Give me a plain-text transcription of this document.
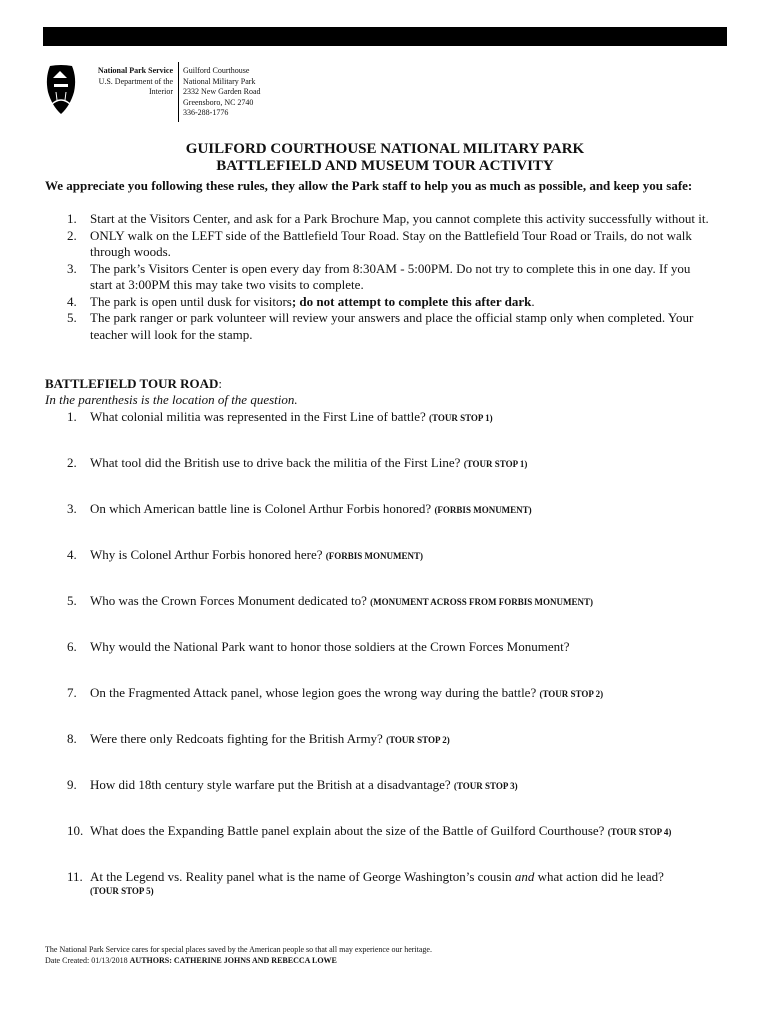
National Park Service
U.S. Department of the
Interior
Guilford Courthouse
National Military Park
2332 New Garden Road
Greensboro, NC 2740
336-288-1776
GUILFORD COURTHOUSE NATIONAL MILITARY PARK
BATTLEFIELD AND MUSEUM TOUR ACTIVITY
We appreciate you following these rules, they allow the Park staff to help you as much as possible, and keep you safe:
1. Start at the Visitors Center, and ask for a Park Brochure Map, you cannot complete this activity successfully without it.
2. ONLY walk on the LEFT side of the Battlefield Tour Road. Stay on the Battlefield Tour Road or Trails, do not walk through woods.
3. The park’s Visitors Center is open every day from 8:30AM - 5:00PM. Do not try to complete this in one day. If you start at 3:00PM this may take two visits to complete.
4. The park is open until dusk for visitors; do not attempt to complete this after dark.
5. The park ranger or park volunteer will review your answers and place the official stamp only when completed. Your teacher will look for the stamp.
BATTLEFIELD TOUR ROAD:
In the parenthesis is the location of the question.
1. What colonial militia was represented in the First Line of battle? (TOUR STOP 1)
2. What tool did the British use to drive back the militia of the First Line? (TOUR STOP 1)
3. On which American battle line is Colonel Arthur Forbis honored? (FORBIS MONUMENT)
4. Why is Colonel Arthur Forbis honored here? (FORBIS MONUMENT)
5. Who was the Crown Forces Monument dedicated to? (MONUMENT ACROSS FROM FORBIS MONUMENT)
6. Why would the National Park want to honor those soldiers at the Crown Forces Monument?
7. On the Fragmented Attack panel, whose legion goes the wrong way during the battle? (TOUR STOP 2)
8. Were there only Redcoats fighting for the British Army? (TOUR STOP 2)
9. How did 18th century style warfare put the British at a disadvantage? (TOUR STOP 3)
10. What does the Expanding Battle panel explain about the size of the Battle of Guilford Courthouse? (TOUR STOP 4)
11. At the Legend vs. Reality panel what is the name of George Washington’s cousin and what action did he lead?
(TOUR STOP 5)
The National Park Service cares for special places saved by the American people so that all may experience our heritage.
Date Created: 01/13/2018 AUTHORS: CATHERINE JOHNS AND REBECCA LOWE
